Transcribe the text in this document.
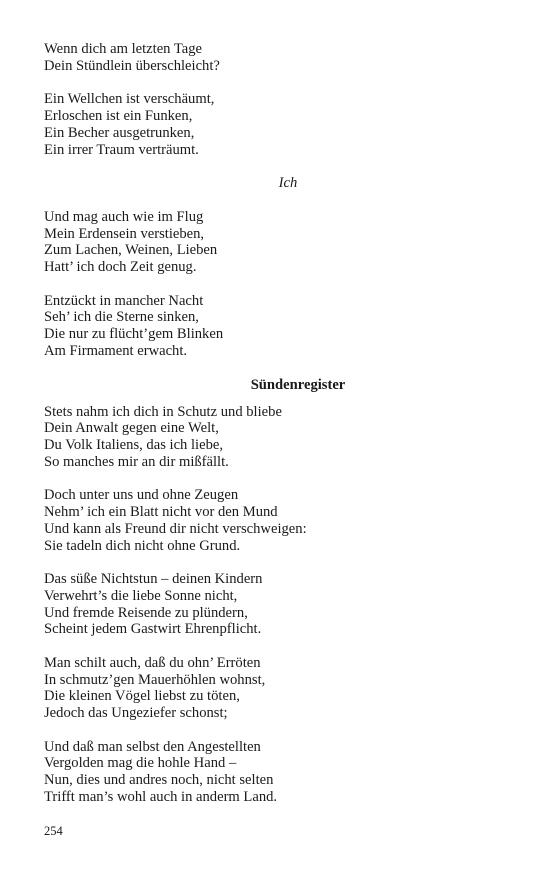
Wenn dich am letzten Tage
Dein Stündlein überschleicht?
Ein Wellchen ist verschäumt,
Erloschen ist ein Funken,
Ein Becher ausgetrunken,
Ein irrer Traum verträumt.
Ich
Und mag auch wie im Flug
Mein Erdensein verstieben,
Zum Lachen, Weinen, Lieben
Hatt’ ich doch Zeit genug.
Entzückt in mancher Nacht
Seh’ ich die Sterne sinken,
Die nur zu flücht’gem Blinken
Am Firmament erwacht.
Sündenregister
Stets nahm ich dich in Schutz und bliebe
Dein Anwalt gegen eine Welt,
Du Volk Italiens, das ich liebe,
So manches mir an dir mißfällt.
Doch unter uns und ohne Zeugen
Nehm’ ich ein Blatt nicht vor den Mund
Und kann als Freund dir nicht verschweigen:
Sie tadeln dich nicht ohne Grund.
Das süße Nichtstun – deinen Kindern
Verwehrt’s die liebe Sonne nicht,
Und fremde Reisende zu plündern,
Scheint jedem Gastwirt Ehrenpflicht.
Man schilt auch, daß du ohn’ Erröten
In schmutz’gen Mauerhöhlen wohnst,
Die kleinen Vögel liebst zu töten,
Jedoch das Ungeziefer schonst;
Und daß man selbst den Angestellten
Vergolden mag die hohle Hand –
Nun, dies und andres noch, nicht selten
Trifft man’s wohl auch in anderm Land.
254
